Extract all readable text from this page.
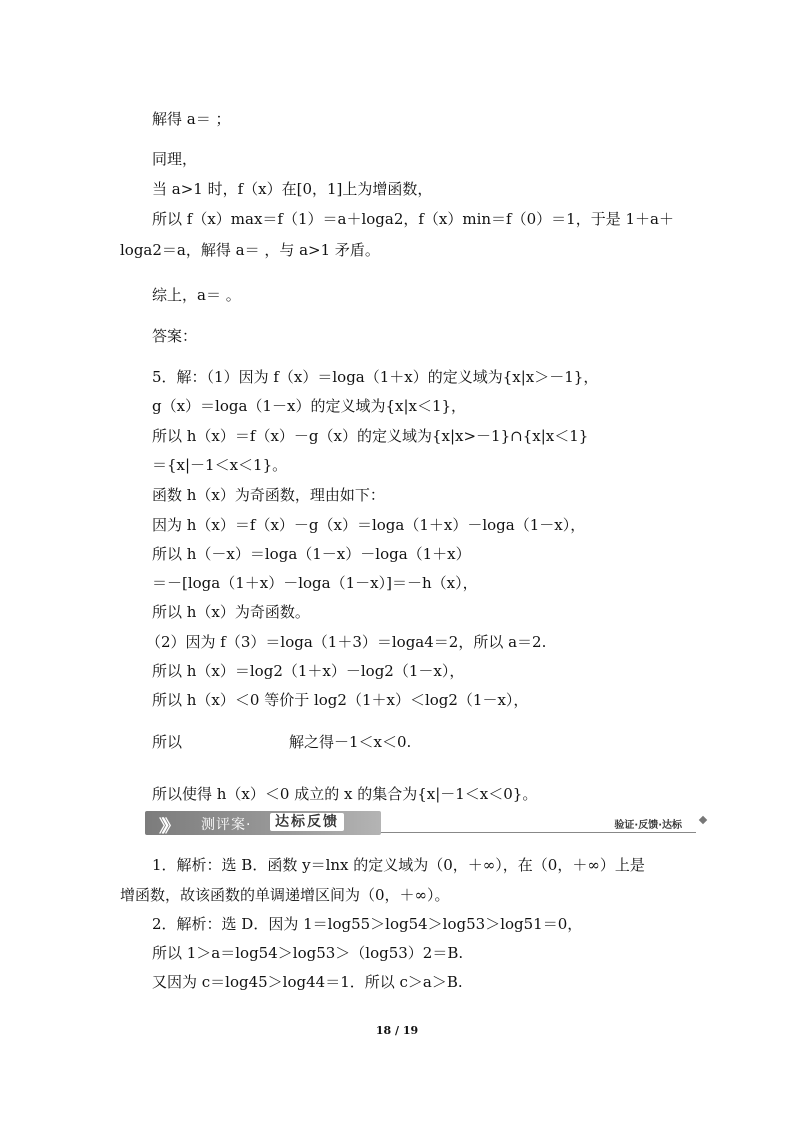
解得 a＝ ；
同理，
当 a>1 时，f（x）在[0，1]上为增函数，
所以 f（x）max＝f（1）＝a＋loga2，f（x）min＝f（0）＝1，于是 1＋a＋
loga2＝a，解得 a＝ ，与 a>1 矛盾。
综上，a＝ 。
答案：
5．解：（1）因为 f（x）＝loga（1＋x）的定义域为{x|x＞－1}，
g（x）＝loga（1－x）的定义域为{x|x＜1}，
所以 h（x）＝f（x）－g（x）的定义域为{x|x>－1}∩{x|x＜1}
＝{x|－1＜x＜1}。
函数 h（x）为奇函数，理由如下：
因为 h（x）＝f（x）－g（x）＝loga（1＋x）－loga（1－x），
所以 h（－x）＝loga（1－x）－loga（1＋x）
＝－[loga（1＋x）－loga（1－x）]＝－h（x），
所以 h（x）为奇函数。
（2）因为 f（3）＝loga（1＋3）＝loga4＝2，所以 a＝2.
所以 h（x）＝log2（1＋x）－log2（1－x），
所以 h（x）＜0 等价于 log2（1＋x）＜log2（1－x），
所以	解之得－1＜x＜0.
所以使得 h（x）＜0 成立的 x 的集合为{x|－1＜x＜0}。
》》 测评案·	达标反馈	验证·反馈·达标
1．解析：选 B．函数 y＝lnx 的定义域为（0，＋∞），在（0，＋∞）上是
增函数，故该函数的单调递增区间为（0，＋∞）。
2．解析：选 D．因为 1＝log55＞log54＞log53＞log51＝0，
所以 1＞a＝log54＞log53＞（log53）2＝B.
又因为 c＝log45＞log44＝1．所以 c＞a＞B.
18 / 19
